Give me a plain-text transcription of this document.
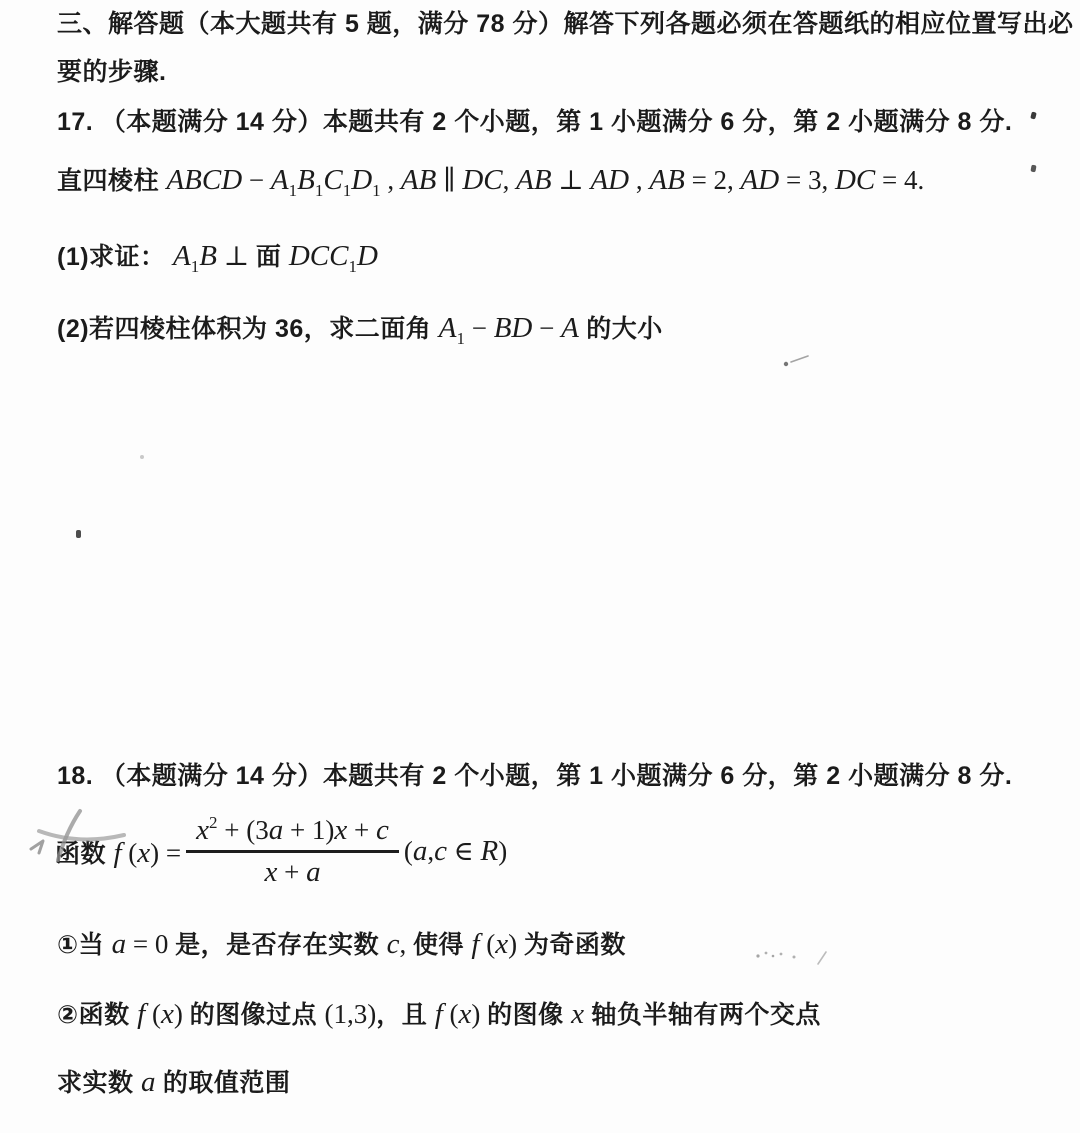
三、解答题（本大题共有 5 题，满分 78 分）解答下列各题必须在答题纸的相应位置写出必
要的步骤.
17. （本题满分 14 分）本题共有 2 个小题，第 1 小题满分 6 分，第 2 小题满分 8 分.
直四棱柱 ABCD − $A_1B_1C_1D_1$ , AB ∥ DC, AB ⊥ AD , AB = 2, AD = 3, DC = 4.
(1)求证： $A_1B$ ⊥ 面 $DCC_1D$
(2)若四棱柱体积为 36，求二面角 $A_1$ − BD − A 的大小
18. （本题满分 14 分）本题共有 2 个小题，第 1 小题满分 6 分，第 2 小题满分 8 分.
函数 f $(x) = \frac{x^2 + (3a + 1)x + c}{x + a} (a,c$ ∈ R)
①当 a = 0 是，是否存在实数 c, 使得 f (x) 为奇函数
②函数 f (x) 的图像过点 (1,3)，且 f (x) 的图像 x 轴负半轴有两个交点
求实数 a 的取值范围
